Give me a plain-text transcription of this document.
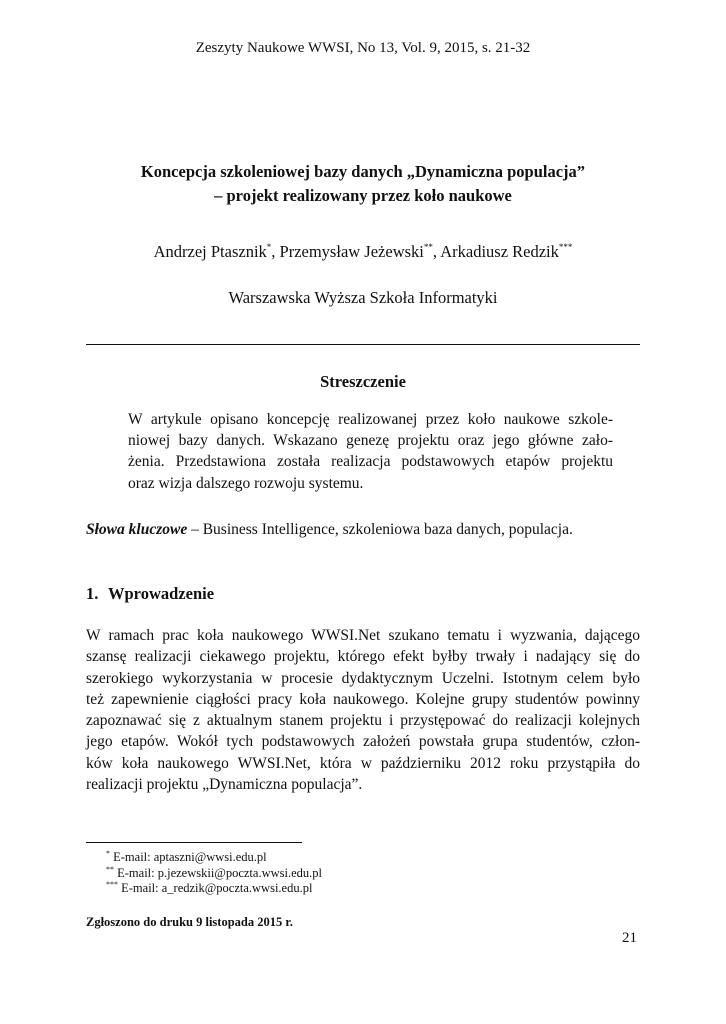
Zeszyty Naukowe WWSI, No 13, Vol. 9, 2015, s. 21-32
Koncepcja szkoleniowej bazy danych „Dynamiczna populacja”
– projekt realizowany przez koło naukowe
Andrzej Ptasznik*, Przemysław Jeżewski**, Arkadiusz Redzik***
Warszawska Wyższa Szkoła Informatyki
Streszczenie
W artykule opisano koncepcję realizowanej przez koło naukowe szkole-
niowej bazy danych. Wskazano genezę projektu oraz jego główne zało-
żenia. Przedstawiona została realizacja podstawowych etapów projektu
oraz wizja dalszego rozwoju systemu.
Słowa kluczowe – Business Intelligence, szkoleniowa baza danych, populacja.
1. Wprowadzenie
W ramach prac koła naukowego WWSI.Net szukano tematu i wyzwania, dającego
szansę realizacji ciekawego projektu, którego efekt byłby trwały i nadający się do
szerokiego wykorzystania w procesie dydaktycznym Uczelni. Istotnym celem było
też zapewnienie ciągłości pracy koła naukowego. Kolejne grupy studentów powinny
zapoznawać się z aktualnym stanem projektu i przystępować do realizacji kolejnych
jego etapów. Wokół tych podstawowych założeń powstała grupa studentów, człon-
ków koła naukowego WWSI.Net, która w październiku 2012 roku przystąpiła do
realizacji projektu „Dynamiczna populacja”.
* E-mail: aptaszni@wwsi.edu.pl
** E-mail: p.jezewskii@poczta.wwsi.edu.pl
*** E-mail: a_redzik@poczta.wwsi.edu.pl
Zgłoszono do druku 9 listopada 2015 r.
21
